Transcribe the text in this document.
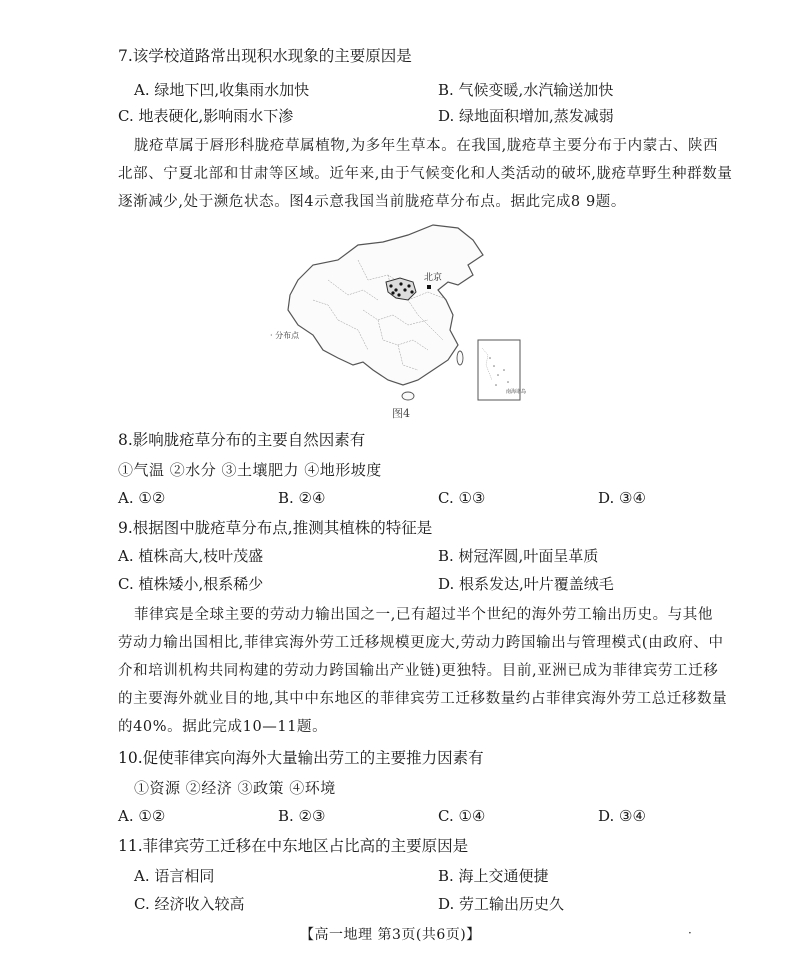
7.该学校道路常出现积水现象的主要原因是
A. 绿地下凹,收集雨水加快	B. 气候变暖,水汽输送加快
C. 地表硬化,影响雨水下渗	D. 绿地面积增加,蒸发减弱
胧疮草属于唇形科胧疮草属植物,为多年生草本。在我国,胧疮草主要分布于内蒙古、陕西
北部、宁夏北部和甘肃等区域。近年来,由于气候变化和人类活动的破坏,胧疮草野生种群数量
逐渐减少,处于濒危状态。图4示意我国当前胧疮草分布点。据此完成8 9题。
北京
· 分布点
南海诸岛
图4
8.影响胧疮草分布的主要自然因素有
①气温 ②水分 ③土壤肥力 ④地形坡度
A. ①②	B. ②④	C. ①③	D. ③④
9.根据图中胧疮草分布点,推测其植株的特征是
A. 植株高大,枝叶茂盛	B. 树冠浑圆,叶面呈革质
C. 植株矮小,根系稀少	D. 根系发达,叶片覆盖绒毛
菲律宾是全球主要的劳动力输出国之一,已有超过半个世纪的海外劳工输出历史。与其他
劳动力输出国相比,菲律宾海外劳工迁移规模更庞大,劳动力跨国输出与管理模式(由政府、中
介和培训机构共同构建的劳动力跨国输出产业链)更独特。目前,亚洲已成为菲律宾劳工迁移
的主要海外就业目的地,其中中东地区的菲律宾劳工迁移数量约占菲律宾海外劳工总迁移数量
的40%。据此完成10—11题。
10.促使菲律宾向海外大量输出劳工的主要推力因素有
①资源 ②经济 ③政策 ④环境
A. ①②	B. ②③	C. ①④	D. ③④
11.菲律宾劳工迁移在中东地区占比高的主要原因是
A. 语言相同	B. 海上交通便捷
C. 经济收入较高	D. 劳工输出历史久
【高一地理 第3页(共6页)】	·
